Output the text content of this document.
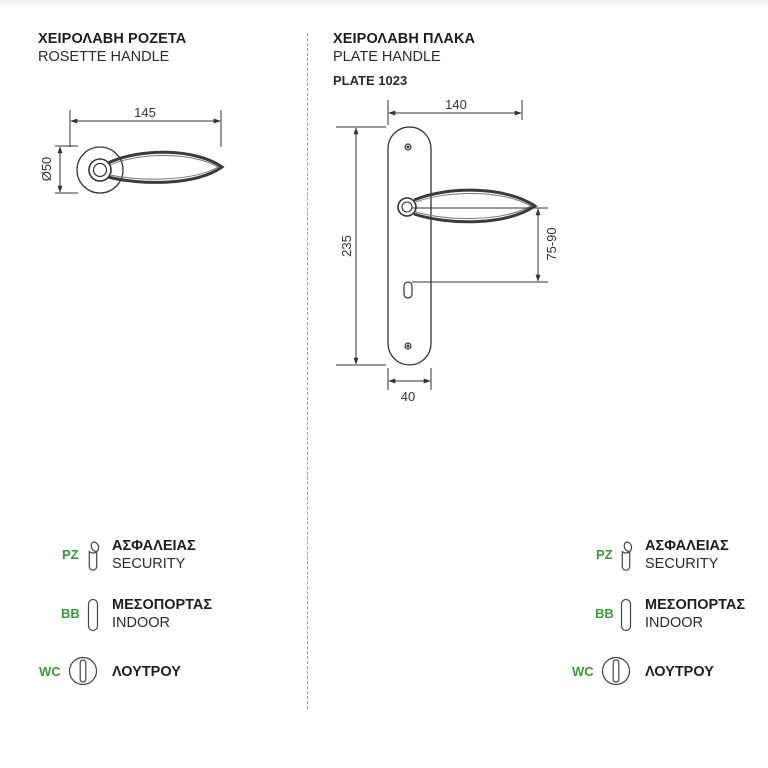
ΧΕΙΡΟΛΑΒΗ ΡΟΖΕΤΑ
ROSETTE HANDLE
ΧΕΙΡΟΛΑΒΗ ΠΛΑΚΑ
PLATE HANDLE
PLATE 1023
145
Ø50
140
235	75-90
40
PZ
ΑΣΦΑΛΕΙΑΣ
SECURITY
BB
ΜΕΣΟΠΟΡΤΑΣ
INDOOR
WC	ΛΟΥΤΡΟΥ
PZ
ΑΣΦΑΛΕΙΑΣ
SECURITY
BB
ΜΕΣΟΠΟΡΤΑΣ
INDOOR
WC	ΛΟΥΤΡΟΥ
